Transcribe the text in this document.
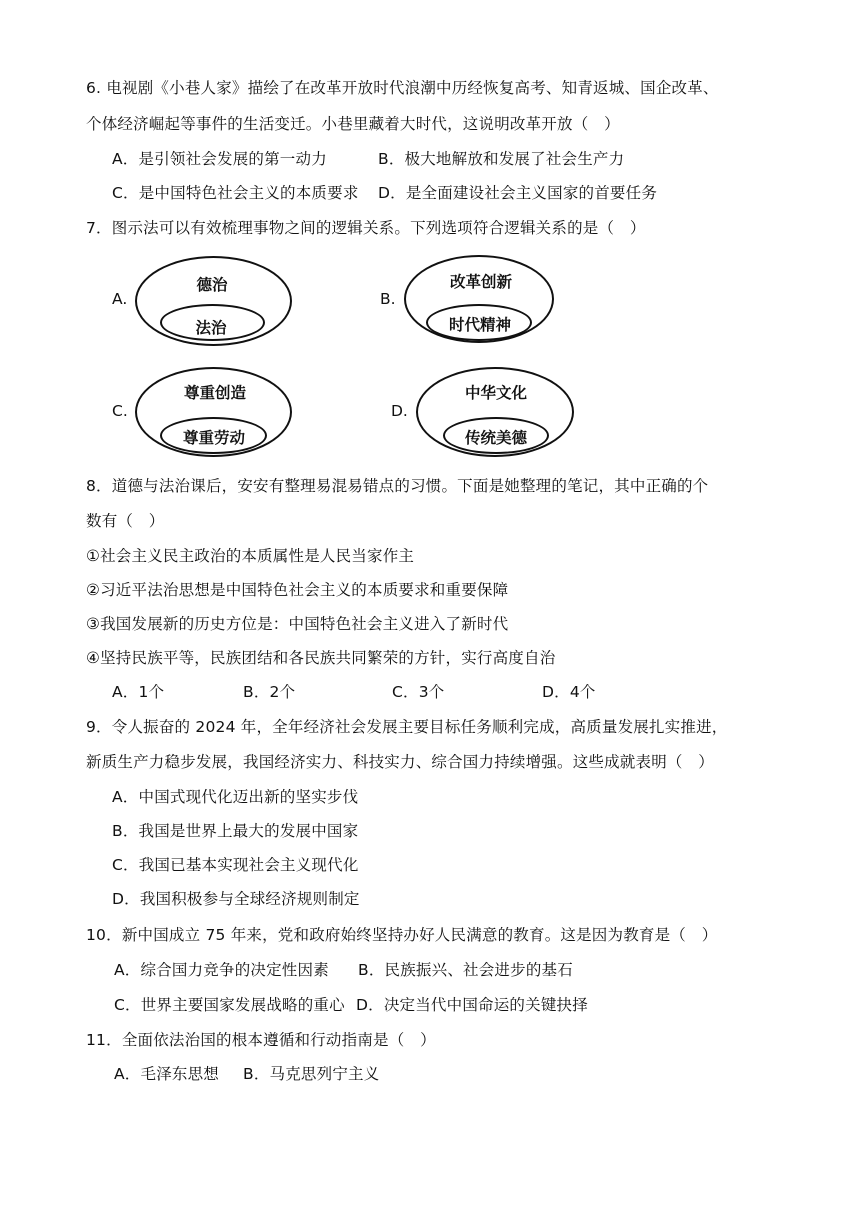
6. 电视剧《小巷人家》描绘了在改革开放时代浪潮中历经恢复高考、知青返城、国企改革、
个体经济崛起等事件的生活变迁。小巷里藏着大时代，这说明改革开放（　）
A．是引领社会发展的第一动力	B．极大地解放和发展了社会生产力
C．是中国特色社会主义的本质要求 D．是全面建设社会主义国家的首要任务
7．图示法可以有效梳理事物之间的逻辑关系。下列选项符合逻辑关系的是（　）
A.
德治
法治
B.
改革创新
时代精神
C.
尊重创造
尊重劳动
D.
中华文化
传统美德
8．道德与法治课后，安安有整理易混易错点的习惯。下面是她整理的笔记，其中正确的个
数有（　）
①社会主义民主政治的本质属性是人民当家作主
②习近平法治思想是中国特色社会主义的本质要求和重要保障
③我国发展新的历史方位是：中国特色社会主义进入了新时代
④坚持民族平等，民族团结和各民族共同繁荣的方针，实行高度自治
A．1个	B．2个	C．3个	D．4个
9．令人振奋的 2024 年，全年经济社会发展主要目标任务顺利完成，高质量发展扎实推进，
新质生产力稳步发展，我国经济实力、科技实力、综合国力持续增强。这些成就表明（　）
A．中国式现代化迈出新的坚实步伐
B．我国是世界上最大的发展中国家
C．我国已基本实现社会主义现代化
D．我国积极参与全球经济规则制定
10．新中国成立 75 年来，党和政府始终坚持办好人民满意的教育。这是因为教育是（　）
A．综合国力竞争的决定性因素 B．民族振兴、社会进步的基石
C．世界主要国家发展战略的重心 D．决定当代中国命运的关键抉择
11．全面依法治国的根本遵循和行动指南是（　）
A．毛泽东思想 B．马克思列宁主义
